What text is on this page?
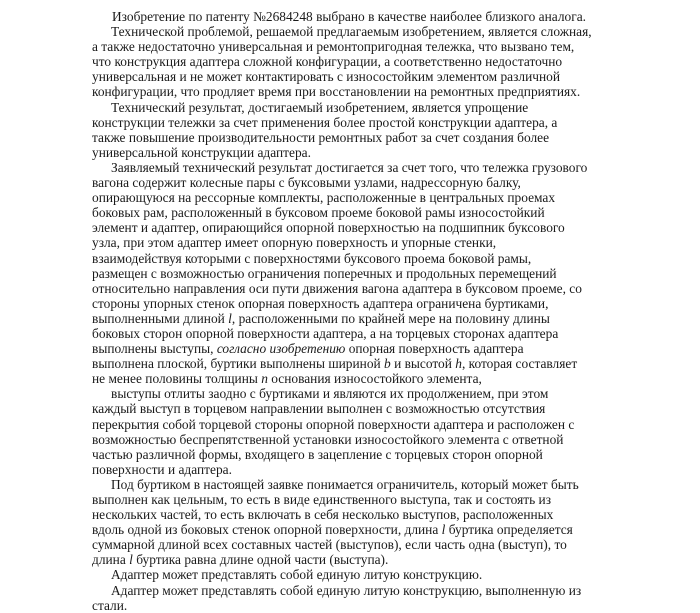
Изобретение по патенту №2684248 выбрано в качестве наиболее близкого аналога.
Технической проблемой, решаемой предлагаемым изобретением, является сложная,
а также недостаточно универсальная и ремонтопригодная тележка, что вызвано тем,
что конструкция адаптера сложной конфигурации, а соответственно недостаточно
универсальная и не может контактировать с износостойким элементом различной
конфигурации, что продляет время при восстановлении на ремонтных предприятиях.
Технический результат, достигаемый изобретением, является упрощение
конструкции тележки за счет применения более простой конструкции адаптера, а
также повышение производительности ремонтных работ за счет создания более
универсальной конструкции адаптера.
Заявляемый технический результат достигается за счет того, что тележка грузового
вагона содержит колесные пары с буксовыми узлами, надрессорную балку,
опирающуюся на рессорные комплекты, расположенные в центральных проемах
боковых рам, расположенный в буксовом проеме боковой рамы износостойкий
элемент и адаптер, опирающийся опорной поверхностью на подшипник буксового
узла, при этом адаптер имеет опорную поверхность и упорные стенки,
взаимодействуя которыми с поверхностями буксового проема боковой рамы,
размещен с возможностью ограничения поперечных и продольных перемещений
относительно направления оси пути движения вагона адаптера в буксовом проеме, со
стороны упорных стенок опорная поверхность адаптера ограничена буртиками,
выполненными длиной l, расположенными по крайней мере на половину длины
боковых сторон опорной поверхности адаптера, а на торцевых сторонах адаптера
выполнены выступы, согласно изобретению опорная поверхность адаптера
выполнена плоской, буртики выполнены шириной b и высотой h, которая составляет
не менее половины толщины n основания износостойкого элемента,
выступы отлиты заодно с буртиками и являются их продолжением, при этом
каждый выступ в торцевом направлении выполнен с возможностью отсутствия
перекрытия собой торцевой стороны опорной поверхности адаптера и расположен с
возможностью беспрепятственной установки износостойкого элемента с ответной
частью различной формы, входящего в зацепление с торцевых сторон опорной
поверхности и адаптера.
Под буртиком в настоящей заявке понимается ограничитель, который может быть
выполнен как цельным, то есть в виде единственного выступа, так и состоять из
нескольких частей, то есть включать в себя несколько выступов, расположенных
вдоль одной из боковых стенок опорной поверхности, длина l буртика определяется
суммарной длиной всех составных частей (выступов), если часть одна (выступ), то
длина l буртика равна длине одной части (выступа).
Адаптер может представлять собой единую литую конструкцию.
Адаптер может представлять собой единую литую конструкцию, выполненную из
стали.
